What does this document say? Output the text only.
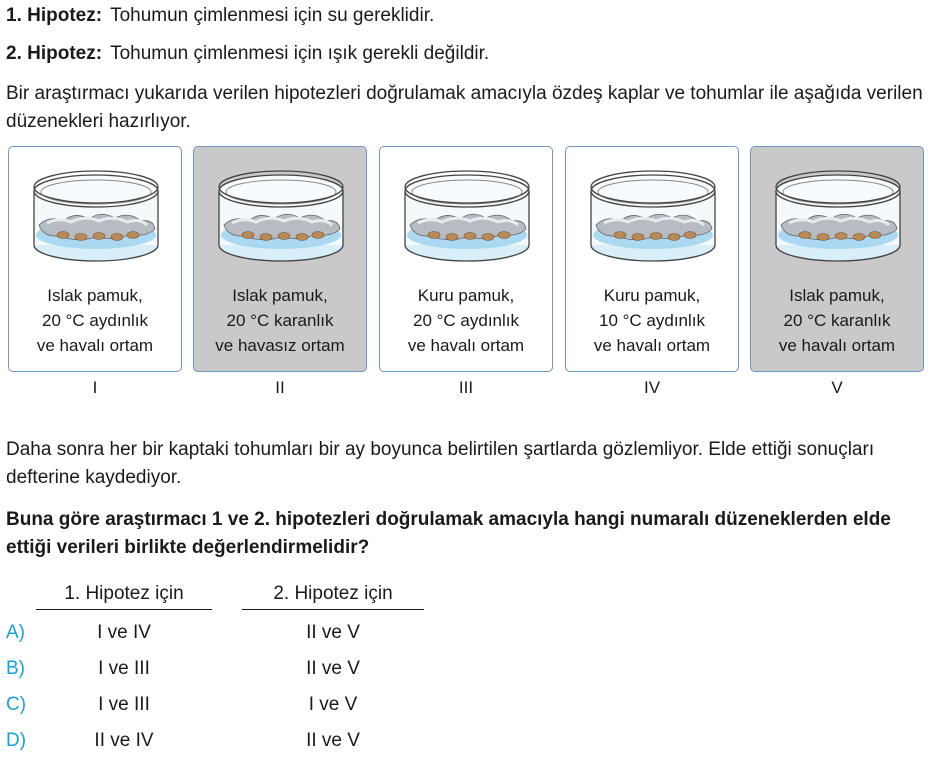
1. Hipotez: Tohumun çimlenmesi için su gereklidir.
2. Hipotez: Tohumun çimlenmesi için ışık gerekli değildir.
Bir araştırmacı yukarıda verilen hipotezleri doğrulamak amacıyla özdeş kaplar ve tohumlar ile aşağıda verilen düzenekleri hazırlıyor.
Islak pamuk,
20 °C aydınlık
ve havalı ortam
Islak pamuk,
20 °C karanlık
ve havasız ortam
Kuru pamuk,
20 °C aydınlık
ve havalı ortam
Kuru pamuk,
10 °C aydınlık
ve havalı ortam
Islak pamuk,
20 °C karanlık
ve havalı ortam
I	II	III	IV	V
Daha sonra her bir kaptaki tohumları bir ay boyunca belirtilen şartlarda gözlemliyor. Elde ettiği sonuçları defterine kaydediyor.
Buna göre araştırmacı 1 ve 2. hipotezleri doğrulamak amacıyla hangi numaralı düzeneklerden elde ettiği verileri birlikte değerlendirmelidir?
1. Hipotez için	2. Hipotez için
A)	I ve IV	II ve V
B)	I ve III	II ve V
C)	I ve III	I ve V
D)	II ve IV	II ve V
